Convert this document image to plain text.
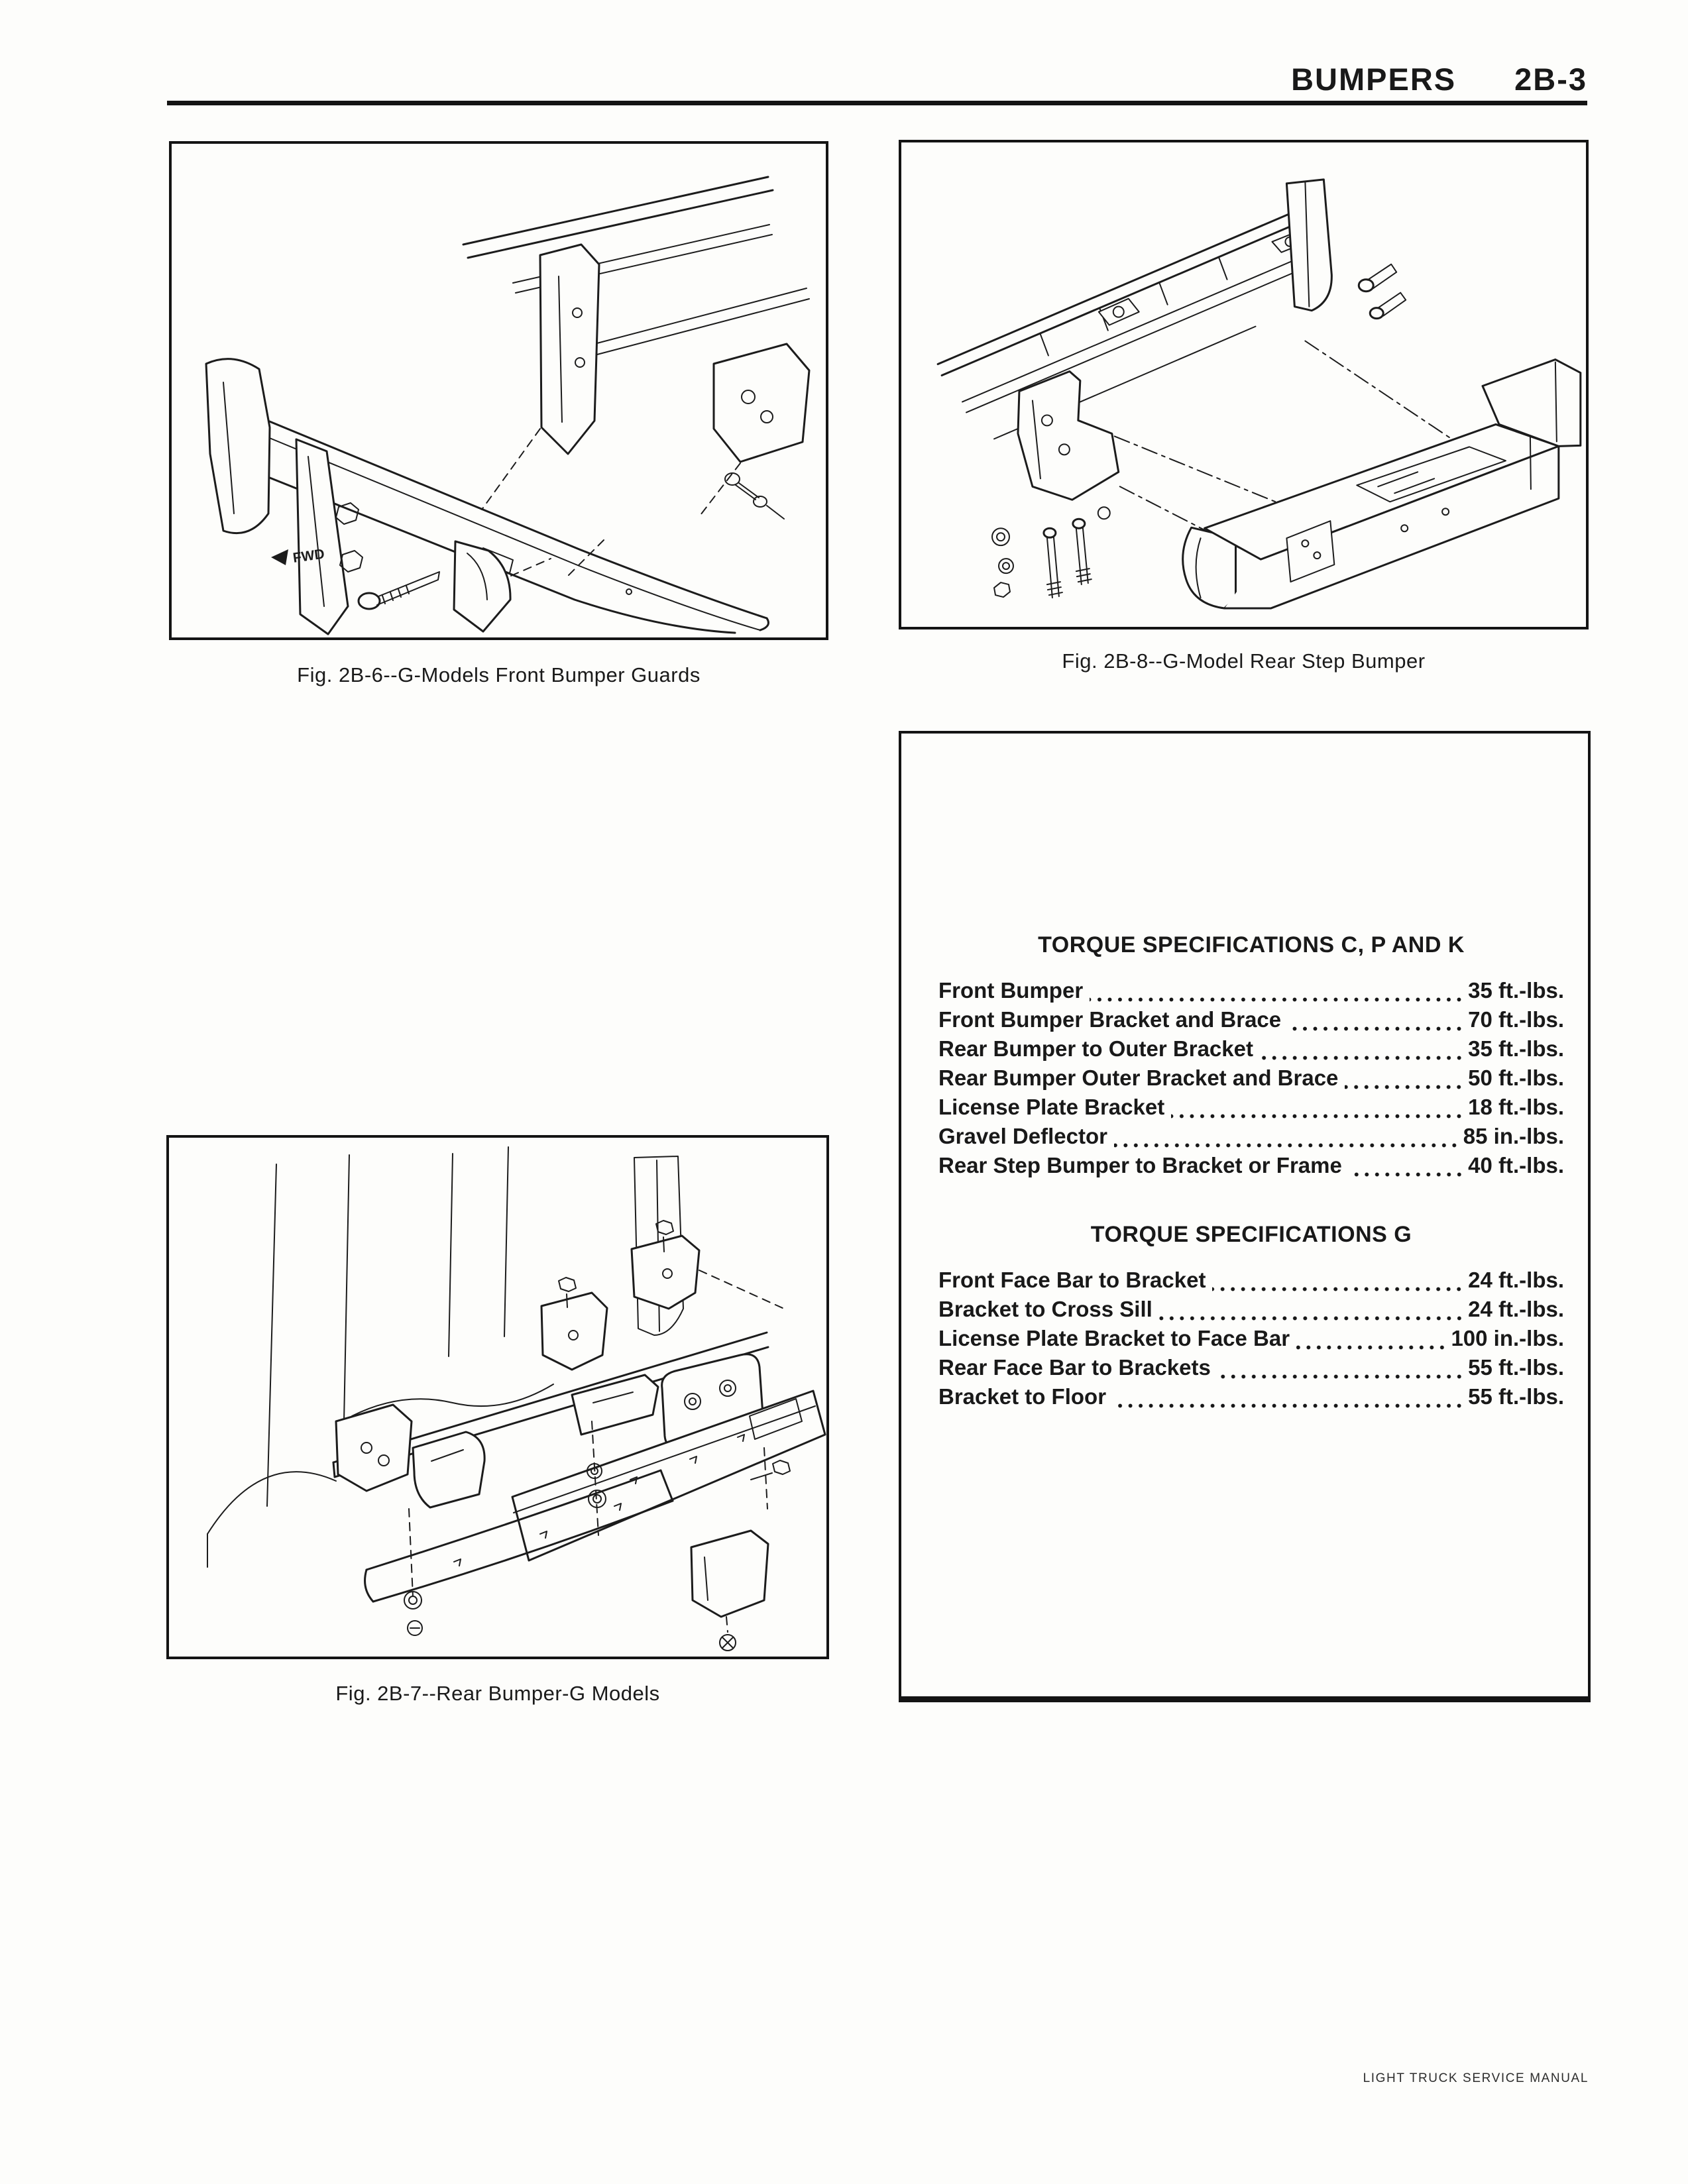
BUMPERS 2B-3
FWD
Fig. 2B-6--G-Models Front Bumper Guards
Fig. 2B-8--G-Model Rear Step Bumper
TORQUE SPECIFICATIONS C, P AND K
Front Bumper	35 ft.-lbs.
Front Bumper Bracket and Brace	70 ft.-lbs.
Rear Bumper to Outer Bracket	35 ft.-lbs.
Rear Bumper Outer Bracket and Brace	50 ft.-lbs.
License Plate Bracket	18 ft.-lbs.
Gravel Deflector	85 in.-lbs.
Rear Step Bumper to Bracket or Frame	40 ft.-lbs.
TORQUE SPECIFICATIONS G
Front Face Bar to Bracket	24 ft.-lbs.
Bracket to Cross Sill	24 ft.-lbs.
License Plate Bracket to Face Bar	100 in.-lbs.
Rear Face Bar to Brackets	55 ft.-lbs.
Bracket to Floor	55 ft.-lbs.
Fig. 2B-7--Rear Bumper-G Models
LIGHT TRUCK SERVICE MANUAL
